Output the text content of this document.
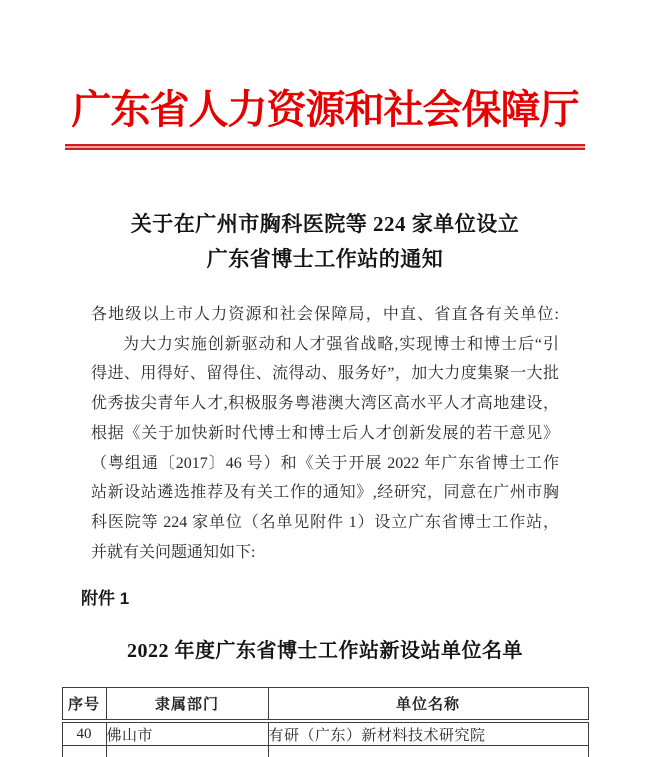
广东省人力资源和社会保障厅
关于在广州市胸科医院等 224 家单位设立
广东省博士工作站的通知
各地级以上市人力资源和社会保障局，中直、省直各有关单位:
为大力实施创新驱动和人才强省战略,实现博士和博士后“引
得进、用得好、留得住、流得动、服务好”，加大力度集聚一大批
优秀拔尖青年人才,积极服务粤港澳大湾区高水平人才高地建设，
根据《关于加快新时代博士和博士后人才创新发展的若干意见》
（粤组通〔2017〕46 号）和《关于开展 2022 年广东省博士工作
站新设站遴选推荐及有关工作的通知》,经研究，同意在广州市胸
科医院等 224 家单位（名单见附件 1）设立广东省博士工作站，
并就有关问题通知如下:
附件 1
2022 年度广东省博士工作站新设站单位名单
序号	隶属部门	单位名称
40	佛山市	有研（广东）新材料技术研究院
